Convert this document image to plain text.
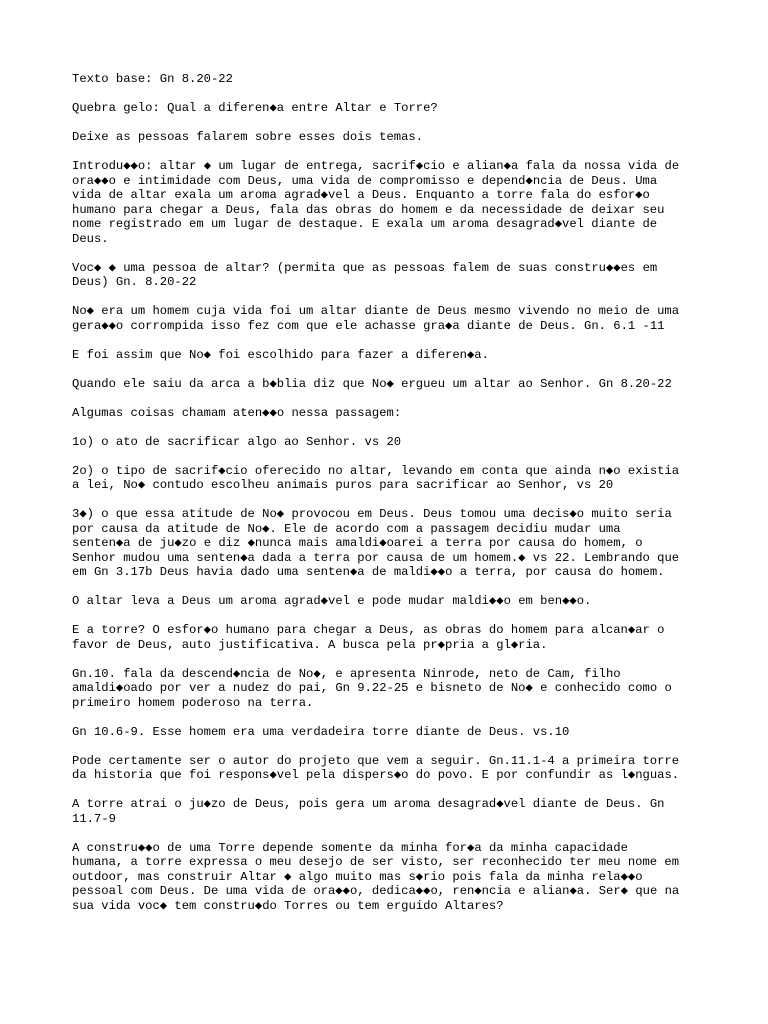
Texto base: Gn 8.20-22

Quebra gelo: Qual a diferen◆a entre Altar e Torre?

Deixe as pessoas falarem sobre esses dois temas.

Introdu◆◆o: altar ◆ um lugar de entrega, sacrif◆cio e alian◆a fala da nossa vida de
ora◆◆o e intimidade com Deus, uma vida de compromisso e depend◆ncia de Deus. Uma
vida de altar exala um aroma agrad◆vel a Deus. Enquanto a torre fala do esfor◆o
humano para chegar a Deus, fala das obras do homem e da necessidade de deixar seu
nome registrado em um lugar de destaque. E exala um aroma desagrad◆vel diante de
Deus.

Voc◆ ◆ uma pessoa de altar? (permita que as pessoas falem de suas constru◆◆es em
Deus) Gn. 8.20-22

No◆ era um homem cuja vida foi um altar diante de Deus mesmo vivendo no meio de uma
gera◆◆o corrompida isso fez com que ele achasse gra◆a diante de Deus. Gn. 6.1 -11

E foi assim que No◆ foi escolhido para fazer a diferen◆a.

Quando ele saiu da arca a b◆blia diz que No◆ ergueu um altar ao Senhor. Gn 8.20-22

Algumas coisas chamam aten◆◆o nessa passagem:

1o) o ato de sacrificar algo ao Senhor. vs 20

2o) o tipo de sacrif◆cio oferecido no altar, levando em conta que ainda n◆o existia
a lei, No◆ contudo escolheu animais puros para sacrificar ao Senhor, vs 20

3◆) o que essa atitude de No◆ provocou em Deus. Deus tomou uma decis◆o muito seria
por causa da atitude de No◆. Ele de acordo com a passagem decidiu mudar uma
senten◆a de ju◆zo e diz ◆nunca mais amaldi◆oarei a terra por causa do homem, o
Senhor mudou uma senten◆a dada a terra por causa de um homem.◆ vs 22. Lembrando que
em Gn 3.17b Deus havia dado uma senten◆a de maldi◆◆o a terra, por causa do homem.

O altar leva a Deus um aroma agrad◆vel e pode mudar maldi◆◆o em ben◆◆o.

E a torre? O esfor◆o humano para chegar a Deus, as obras do homem para alcan◆ar o
favor de Deus, auto justificativa. A busca pela pr◆pria a gl◆ria.

Gn.10. fala da descend◆ncia de No◆, e apresenta Ninrode, neto de Cam, filho
amaldi◆oado por ver a nudez do pai, Gn 9.22-25 e bisneto de No◆ e conhecido como o
primeiro homem poderoso na terra.

Gn 10.6-9. Esse homem era uma verdadeira torre diante de Deus. vs.10

Pode certamente ser o autor do projeto que vem a seguir. Gn.11.1-4 a primeira torre
da historia que foi respons◆vel pela dispers◆o do povo. E por confundir as l◆nguas.

A torre atrai o ju◆zo de Deus, pois gera um aroma desagrad◆vel diante de Deus. Gn
11.7-9

A constru◆◆o de uma Torre depende somente da minha for◆a da minha capacidade
humana, a torre expressa o meu desejo de ser visto, ser reconhecido ter meu nome em
outdoor, mas construir Altar ◆ algo muito mas s◆rio pois fala da minha rela◆◆o
pessoal com Deus. De uma vida de ora◆◆o, dedica◆◆o, ren◆ncia e alian◆a. Ser◆ que na
sua vida voc◆ tem constru◆do Torres ou tem erguido Altares?
